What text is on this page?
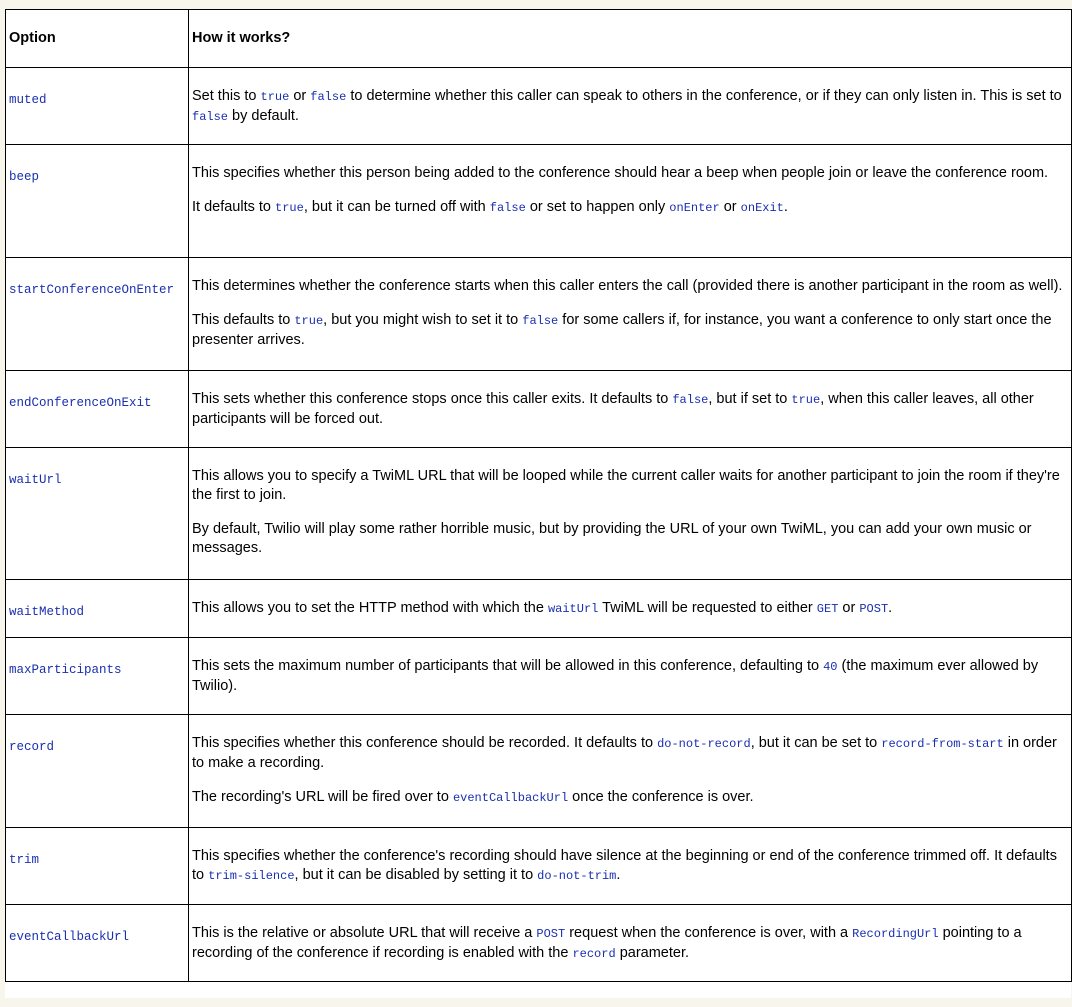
Option	How it works?
muted	Set this to true or false to determine whether this caller can speak to others in the conference, or if they can only listen in. This is set to false by default.

beep	This specifies whether this person being added to the conference should hear a beep when people join or leave the conference room.

It defaults to true, but it can be turned off with false or set to happen only onEnter or onExit.

startConferenceOnEnter	This determines whether the conference starts when this caller enters the call (provided there is another participant in the room as well).

This defaults to true, but you might wish to set it to false for some callers if, for instance, you want a conference to only start once the presenter arrives.

endConferenceOnExit	This sets whether this conference stops once this caller exits. It defaults to false, but if set to true, when this caller leaves, all other participants will be forced out.

waitUrl	This allows you to specify a TwiML URL that will be looped while the current caller waits for another participant to join the room if they're the first to join.

By default, Twilio will play some rather horrible music, but by providing the URL of your own TwiML, you can add your own music or messages.

waitMethod	This allows you to set the HTTP method with which the waitUrl TwiML will be requested to either GET or POST.

maxParticipants	This sets the maximum number of participants that will be allowed in this conference, defaulting to 40 (the maximum ever allowed by Twilio).

record	This specifies whether this conference should be recorded. It defaults to do-not-record, but it can be set to record-from-start in order to make a recording.

The recording's URL will be fired over to eventCallbackUrl once the conference is over.

trim	This specifies whether the conference's recording should have silence at the beginning or end of the conference trimmed off. It defaults to trim-silence, but it can be disabled by setting it to do-not-trim.

eventCallbackUrl	This is the relative or absolute URL that will receive a POST request when the conference is over, with a RecordingUrl pointing to a recording of the conference if recording is enabled with the record parameter.
